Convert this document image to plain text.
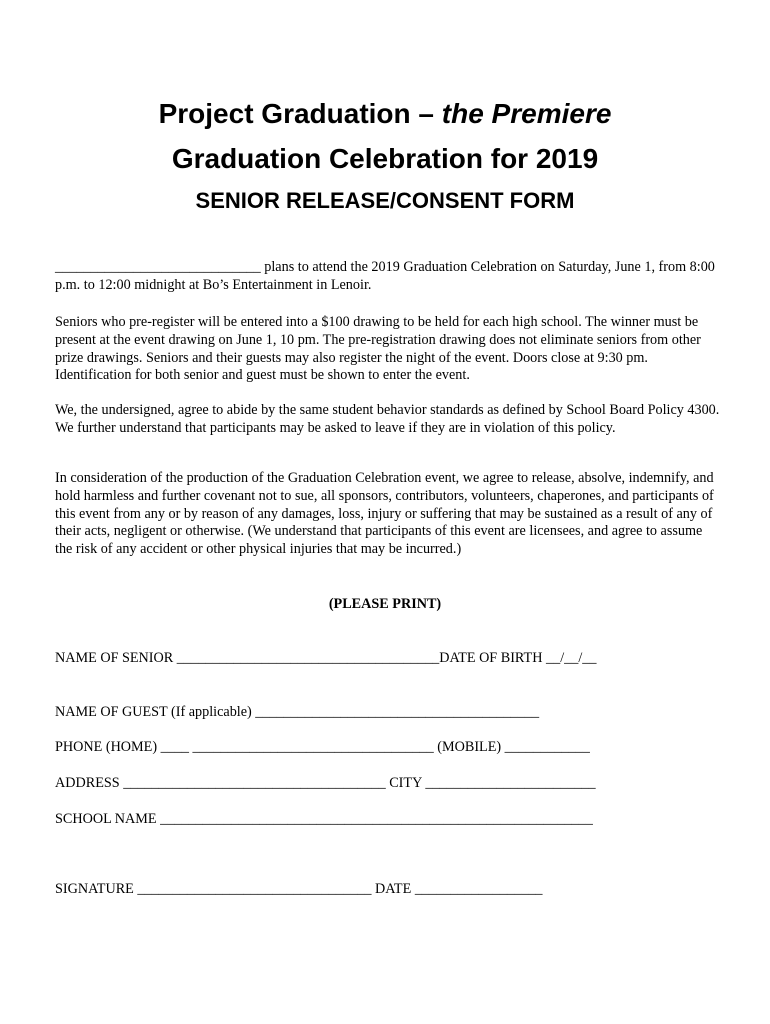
Project Graduation – the Premiere
Graduation Celebration for 2019
SENIOR RELEASE/CONSENT FORM

_____________________________ plans to attend the 2019 Graduation Celebration on Saturday, June 1, from 8:00 p.m. to 12:00 midnight at Bo’s Entertainment in Lenoir.

Seniors who pre-register will be entered into a $100 drawing to be held for each high school. The winner must be present at the event drawing on June 1, 10 pm. The pre-registration drawing does not eliminate seniors from other prize drawings. Seniors and their guests may also register the night of the event. Doors close at 9:30 pm. Identification for both senior and guest must be shown to enter the event.

We, the undersigned, agree to abide by the same student behavior standards as defined by School Board Policy 4300. We further understand that participants may be asked to leave if they are in violation of this policy.

In consideration of the production of the Graduation Celebration event, we agree to release, absolve, indemnify, and hold harmless and further covenant not to sue, all sponsors, contributors, volunteers, chaperones, and participants of this event from any or by reason of any damages, loss, injury or suffering that may be sustained as a result of any of their acts, negligent or otherwise. (We understand that participants of this event are licensees, and agree to assume the risk of any accident or other physical injuries that may be incurred.)

(PLEASE PRINT)

NAME OF SENIOR _____________________________________DATE OF BIRTH __/__/__

NAME OF GUEST (If applicable) ________________________________________

PHONE (HOME) ____ __________________________________ (MOBILE) ____________

ADDRESS _____________________________________ CITY ________________________

SCHOOL NAME _____________________________________________________________

SIGNATURE _________________________________ DATE __________________
